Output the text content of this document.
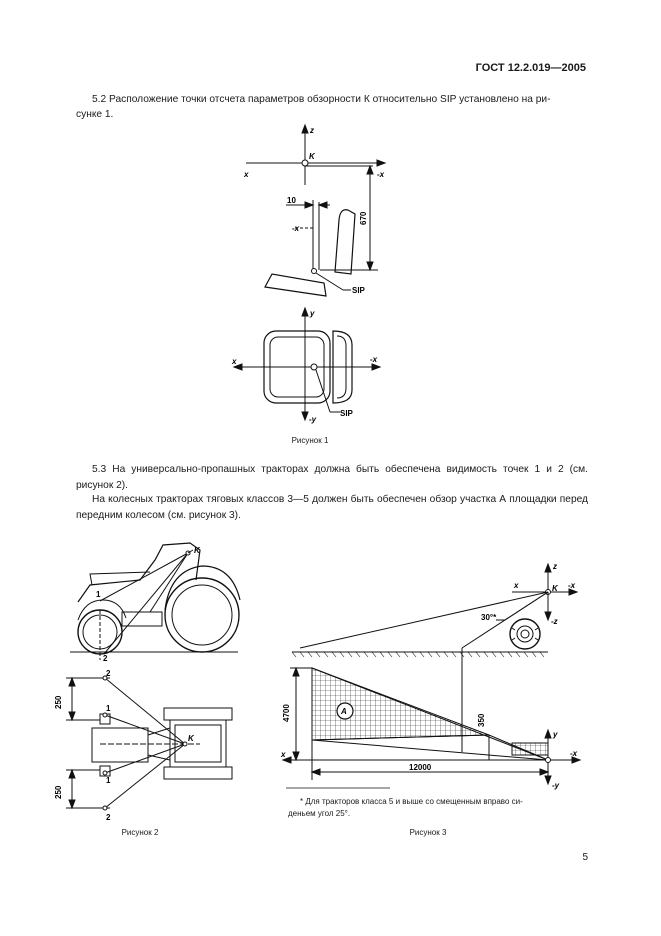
ГОСТ 12.2.019—2005
5.2 Расположение точки отсчета параметров обзорности К относительно SIP установлено на ри-
сунке 1.
5.3 На универсально-пропашных тракторах должна быть обеспечена видимость точек 1 и 2 (см. рисунок 2).
На колесных тракторах тяговых классов 3—5 должен быть обеспечен обзор участка А площадки перед передним колесом (см. рисунок 3).
x	-x
z
K
10
-x
670
SIP
x	-x
y
-y
SIP
K
1
2
250
250
2
1
1
2
K
x	-x
K
z
-z
30°*
4700	350
A
x	-x
y
-y
12000
Рисунок 1
Рисунок 2	Рисунок 3
* Для тракторов класса 5 и выше со смещенным вправо си-
деньем угол 25°.
5
